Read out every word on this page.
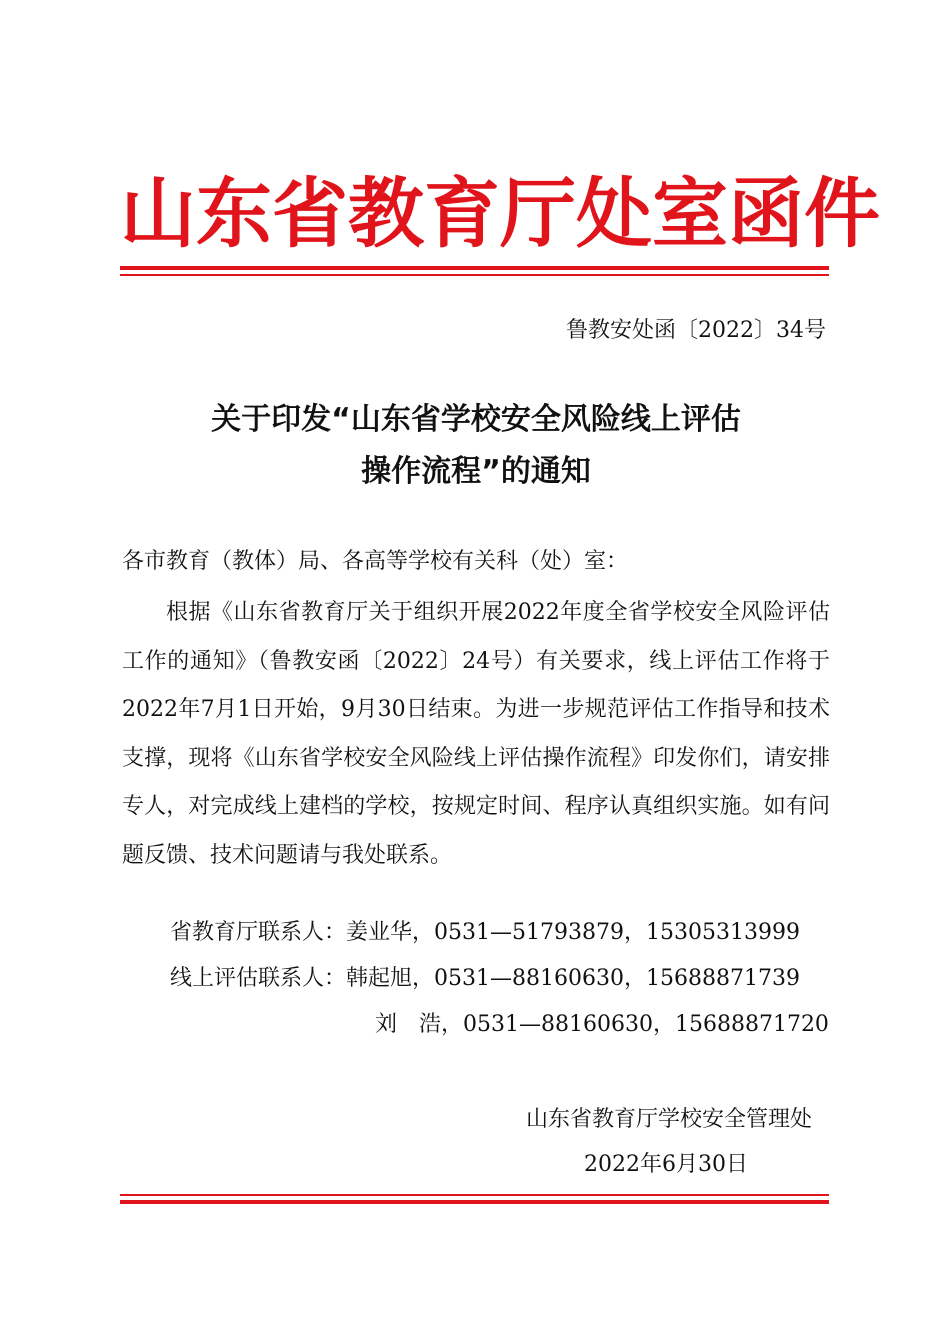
山东省教育厅处室函件
鲁教安处函〔2022〕34号
关于印发“山东省学校安全风险线上评估
操作流程”的通知
各市教育（教体）局、各高等学校有关科（处）室：

根据《山东省教育厅关于组织开展2022年度全省学校安全风险评估工作的通知》（鲁教安函〔2022〕24号）有关要求，线上评估工作将于2022年7月1日开始，9月30日结束。为进一步规范评估工作指导和技术支撑，现将《山东省学校安全风险线上评估操作流程》印发你们，请安排专人，对完成线上建档的学校，按规定时间、程序认真组织实施。如有问题反馈、技术问题请与我处联系。

省教育厅联系人：姜业华，0531—51793879，15305313999
线上评估联系人：韩起旭，0531—88160630，15688871739
刘　浩，0531—88160630，15688871720
山东省教育厅学校安全管理处
2022年6月30日
